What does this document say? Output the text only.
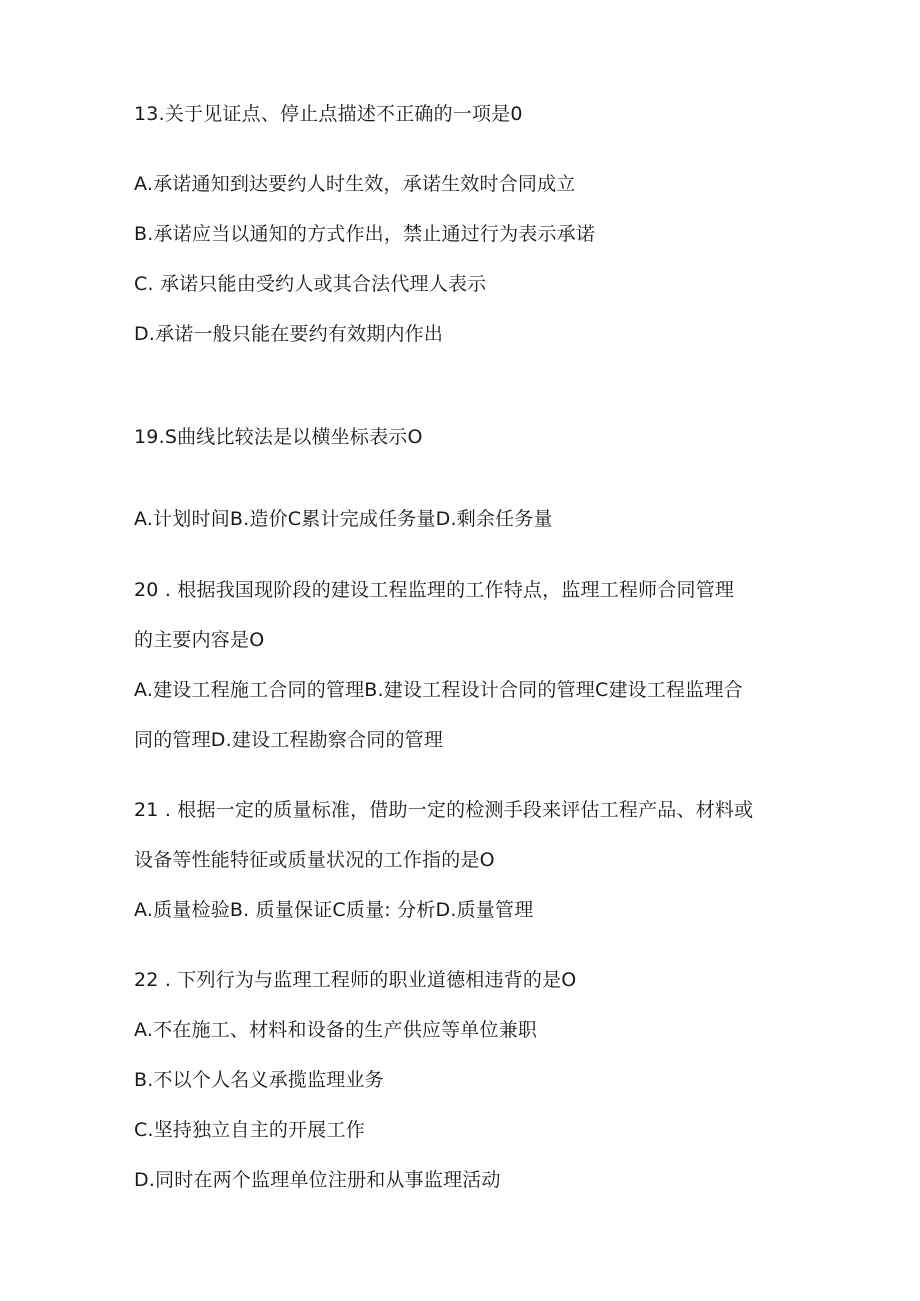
13.关于见证点、停止点描述不正确的一项是0
A.承诺通知到达要约人时生效，承诺生效时合同成立
B.承诺应当以通知的方式作出，禁止通过行为表示承诺
C. 承诺只能由受约人或其合法代理人表示
D.承诺一般只能在要约有效期内作出
19.S曲线比较法是以横坐标表示O
A.计划时间B.造价C累计完成任务量D.剩余任务量
20 . 根据我国现阶段的建设工程监理的工作特点，监理工程师合同管理
的主要内容是O
A.建设工程施工合同的管理B.建设工程设计合同的管理C建设工程监理合
同的管理D.建设工程勘察合同的管理
21 . 根据一定的质量标准，借助一定的检测手段来评估工程产品、材料或
设备等性能特征或质量状况的工作指的是O
A.质量检验B. 质量保证C质量: 分析D.质量管理
22 . 下列行为与监理工程师的职业道德相违背的是O
A.不在施工、材料和设备的生产供应等单位兼职
B.不以个人名义承揽监理业务
C.坚持独立自主的开展工作
D.同时在两个监理单位注册和从事监理活动
